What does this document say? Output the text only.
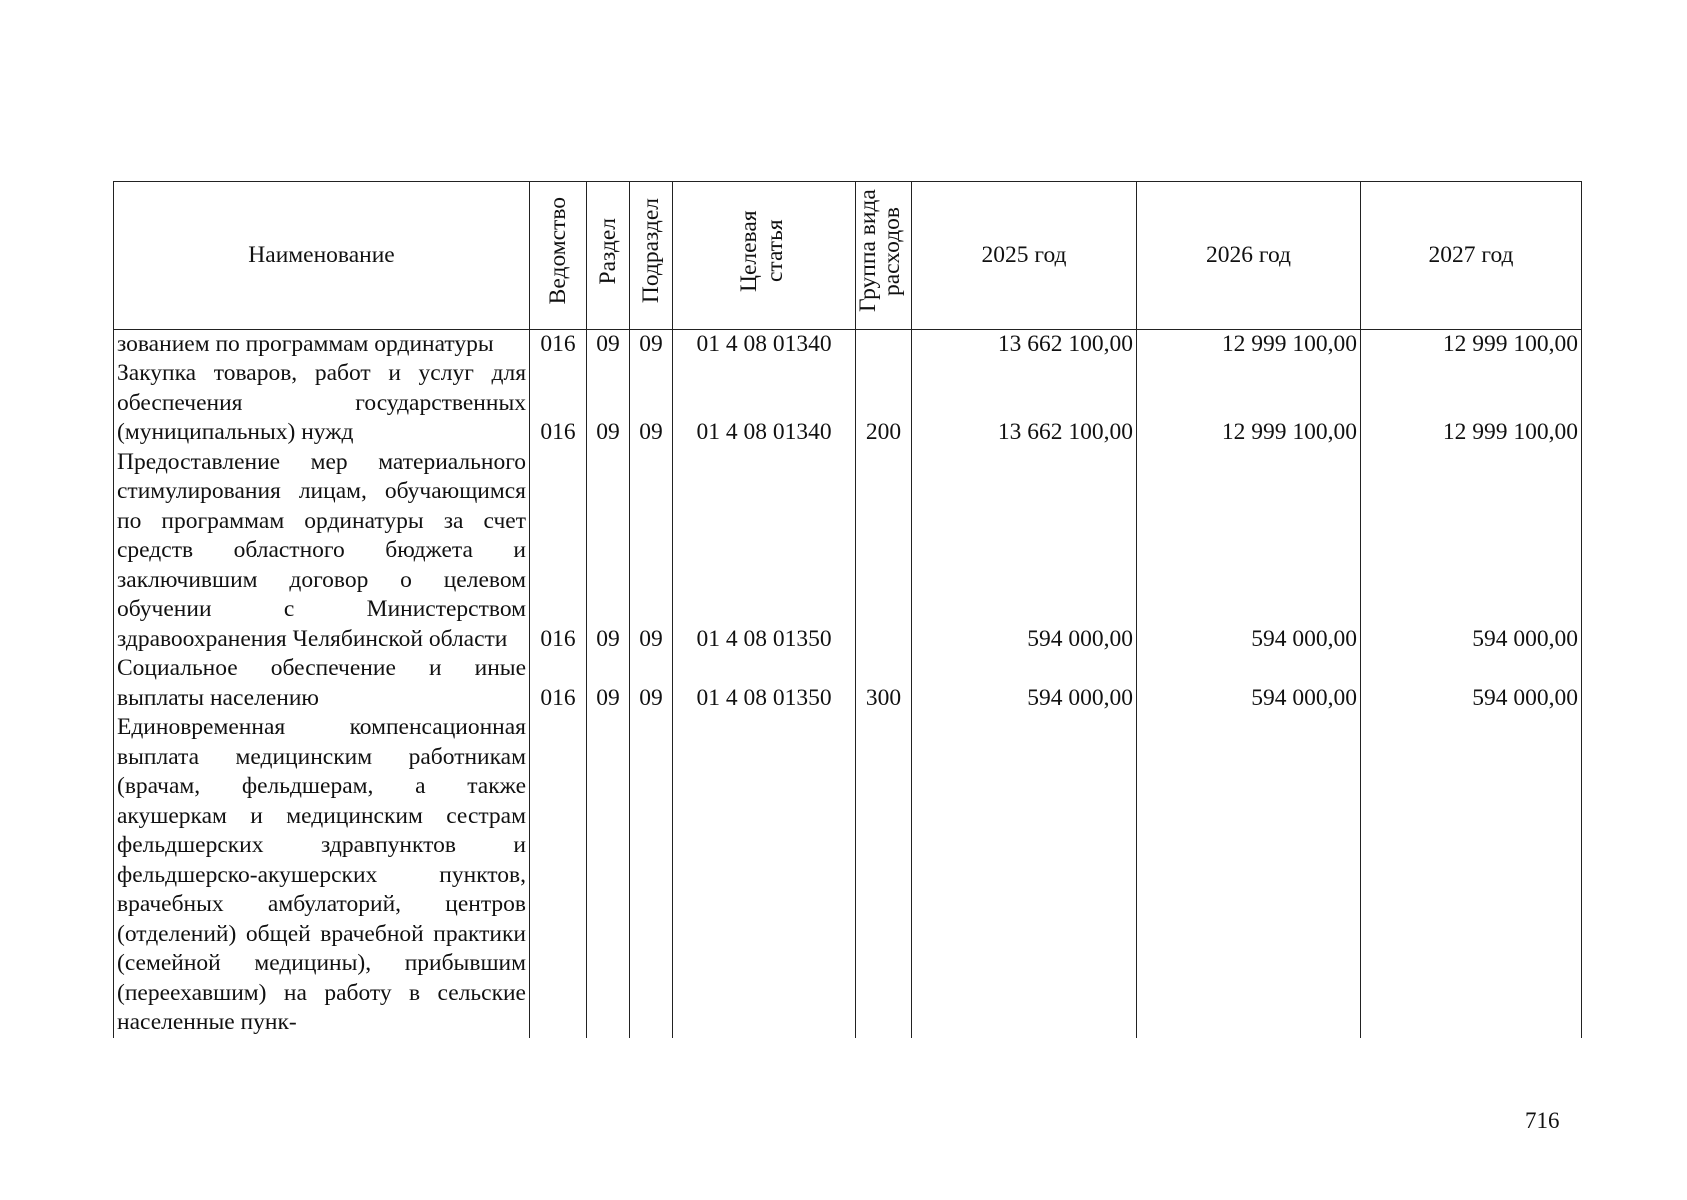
Наименование	Ведомство	Раздел	Подраздел	Целевая статья	Группа вида расходов	2025 год	2026 год	2027 год
зованием по программам ординатуры	016	09	09	01 4 08 01340		13 662 100,00	12 999 100,00	12 999 100,00
Закупка товаров, работ и услуг для обеспечения государственных (муниципальных) нужд	016	09	09	01 4 08 01340	200	13 662 100,00	12 999 100,00	12 999 100,00
Предоставление мер материального стимулирования лицам, обучающимся по программам ординатуры за счет средств областного бюджета и заключившим договор о целевом обучении с Министерством здравоохранения Челябинской области	016	09	09	01 4 08 01350		594 000,00	594 000,00	594 000,00
Социальное обеспечение и иные выплаты населению	016	09	09	01 4 08 01350	300	594 000,00	594 000,00	594 000,00
Единовременная компенсационная выплата медицинским работникам (врачам, фельдшерам, а также акушеркам и медицинским сестрам фельдшерских здравпунктов и фельдшерско-акушерских пунктов, врачебных амбулаторий, центров (отделений) общей врачебной практики (семейной медицины), прибывшим (переехавшим) на работу в сельские населенные пунк-								
716
